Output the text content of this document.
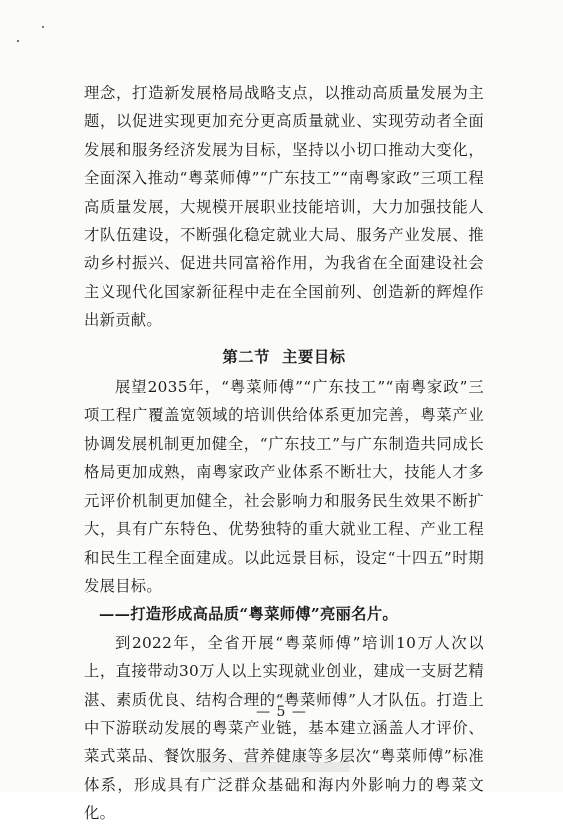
理念，打造新发展格局战略支点，以推动高质量发展为主题，以促进实现更加充分更高质量就业、实现劳动者全面发展和服务经济发展为目标，坚持以小切口推动大变化，全面深入推动“粤菜师傅”“广东技工”“南粤家政”三项工程高质量发展，大规模开展职业技能培训，大力加强技能人才队伍建设，不断强化稳定就业大局、服务产业发展、推动乡村振兴、促进共同富裕作用，为我省在全面建设社会主义现代化国家新征程中走在全国前列、创造新的辉煌作出新贡献。

第二节 主要目标

展望2035年，“粤菜师傅”“广东技工”“南粤家政”三项工程广覆盖宽领域的培训供给体系更加完善，粤菜产业协调发展机制更加健全，“广东技工”与广东制造共同成长格局更加成熟，南粤家政产业体系不断壮大，技能人才多元评价机制更加健全，社会影响力和服务民生效果不断扩大，具有广东特色、优势独特的重大就业工程、产业工程和民生工程全面建成。以此远景目标，设定“十四五”时期发展目标。

——打造形成高品质“粤菜师傅”亮丽名片。

到2022年，全省开展“粤菜师傅”培训10万人次以上，直接带动30万人以上实现就业创业，建成一支厨艺精湛、素质优良、结构合理的“粤菜师傅”人才队伍。打造上中下游联动发展的粤菜产业链，基本建立涵盖人才评价、菜式菜品、餐饮服务、营养健康等多层次“粤菜师傅”标准体系，形成具有广泛群众基础和海内外影响力的粤菜文化。

— 5 —
